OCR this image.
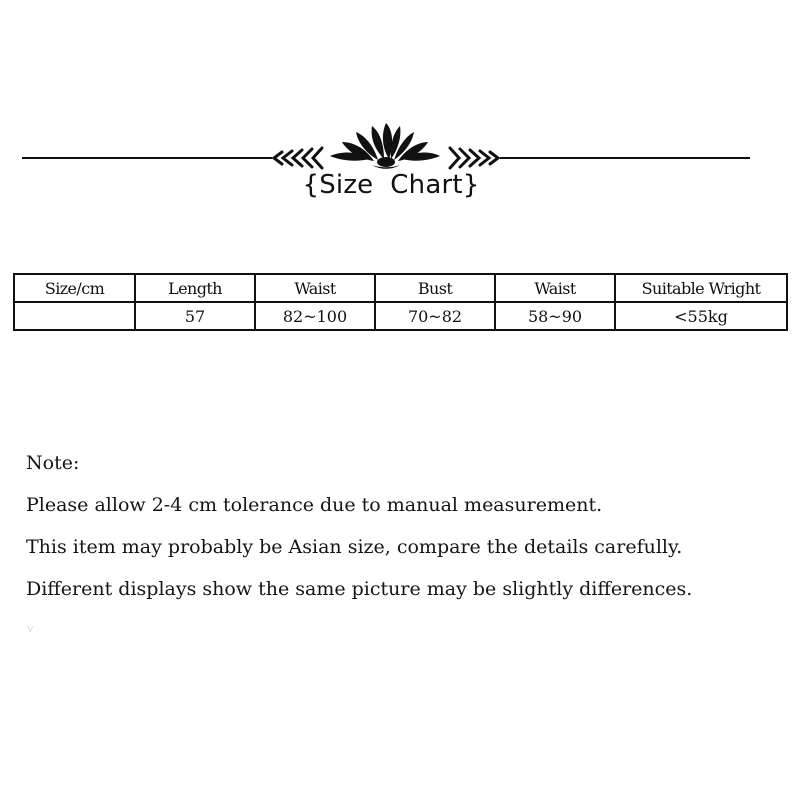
{Size  Chart}
Size/cm	Length	Waist	Bust	Waist	Suitable Wright
	57	82~100	70~82	58~90	<55kg
Note:
Please allow 2-4 cm tolerance due to manual measurement.
This item may probably be Asian size, compare the details carefully.
Different displays show the same picture may be slightly differences.
v
